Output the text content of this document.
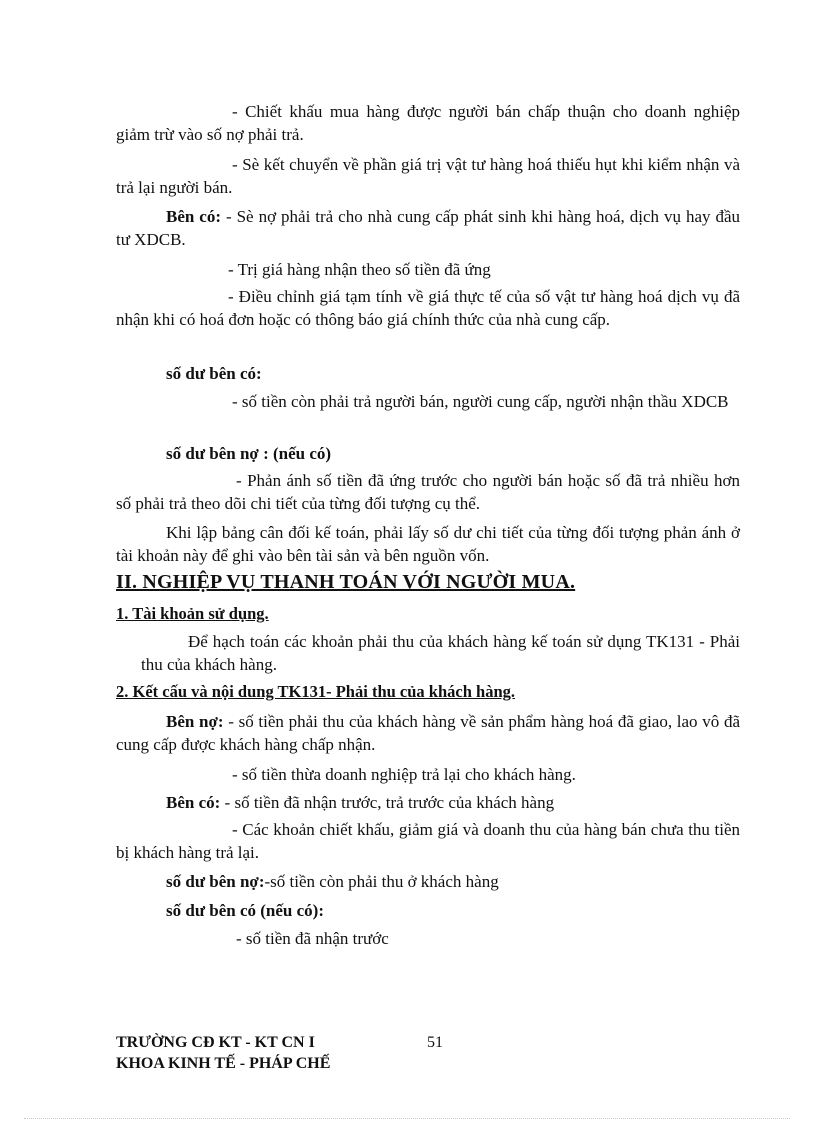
- Chiết khấu mua hàng được người bán chấp thuận cho doanh nghiệp giảm trừ vào số nợ phải trả.

- Sè kết chuyển về phần giá trị vật tư hàng hoá thiếu hụt khi kiểm nhận và trả lại người bán.

Bên có: - Sè nợ phải trả cho nhà cung cấp phát sinh khi hàng hoá, dịch vụ hay đầu tư XDCB.

- Trị giá hàng nhận theo số tiền đã ứng

- Điều chỉnh giá tạm tính về giá thực tế của số vật tư hàng hoá dịch vụ đã nhận khi có hoá đơn hoặc có thông báo giá chính thức của nhà cung cấp.

số dư bên có:

- số tiền còn phải trả người bán, người cung cấp, người nhận thầu XDCB

số dư bên nợ : (nếu có)

- Phản ánh số tiền đã ứng trước cho người bán hoặc số đã trả nhiều hơn số phải trả theo dõi chi tiết của từng đối tượng cụ thể.

Khi lập bảng cân đối kế toán, phải lấy số dư chi tiết của từng đối tượng phản ánh ở tài khoản này để ghi vào bên tài sản và bên nguồn vốn.

II. NGHIỆP VỤ THANH TOÁN VỚI NGƯỜI MUA.

1. Tài khoản sử dụng.

Để hạch toán các khoản phải thu của khách hàng kế toán sử dụng TK131 - Phải thu của khách hàng.

2. Kết cấu và nội dung TK131- Phải thu của khách hàng.

Bên nợ: - số tiền phải thu của khách hàng về sản phẩm hàng hoá đã giao, lao vô đã cung cấp được khách hàng chấp nhận.

- số tiền thừa doanh nghiệp trả lại cho khách hàng.

Bên có: - số tiền đã nhận trước, trả trước của khách hàng

- Các khoản chiết khấu, giảm giá và doanh thu của hàng bán chưa thu tiền bị khách hàng trả lại.

số dư bên nợ:-số tiền còn phải thu ở khách hàng

số dư bên có (nếu có):

- số tiền đã nhận trước

TRƯỜNG CĐ KT - KT CN I	51

KHOA KINH TẾ - PHÁP CHẾ
